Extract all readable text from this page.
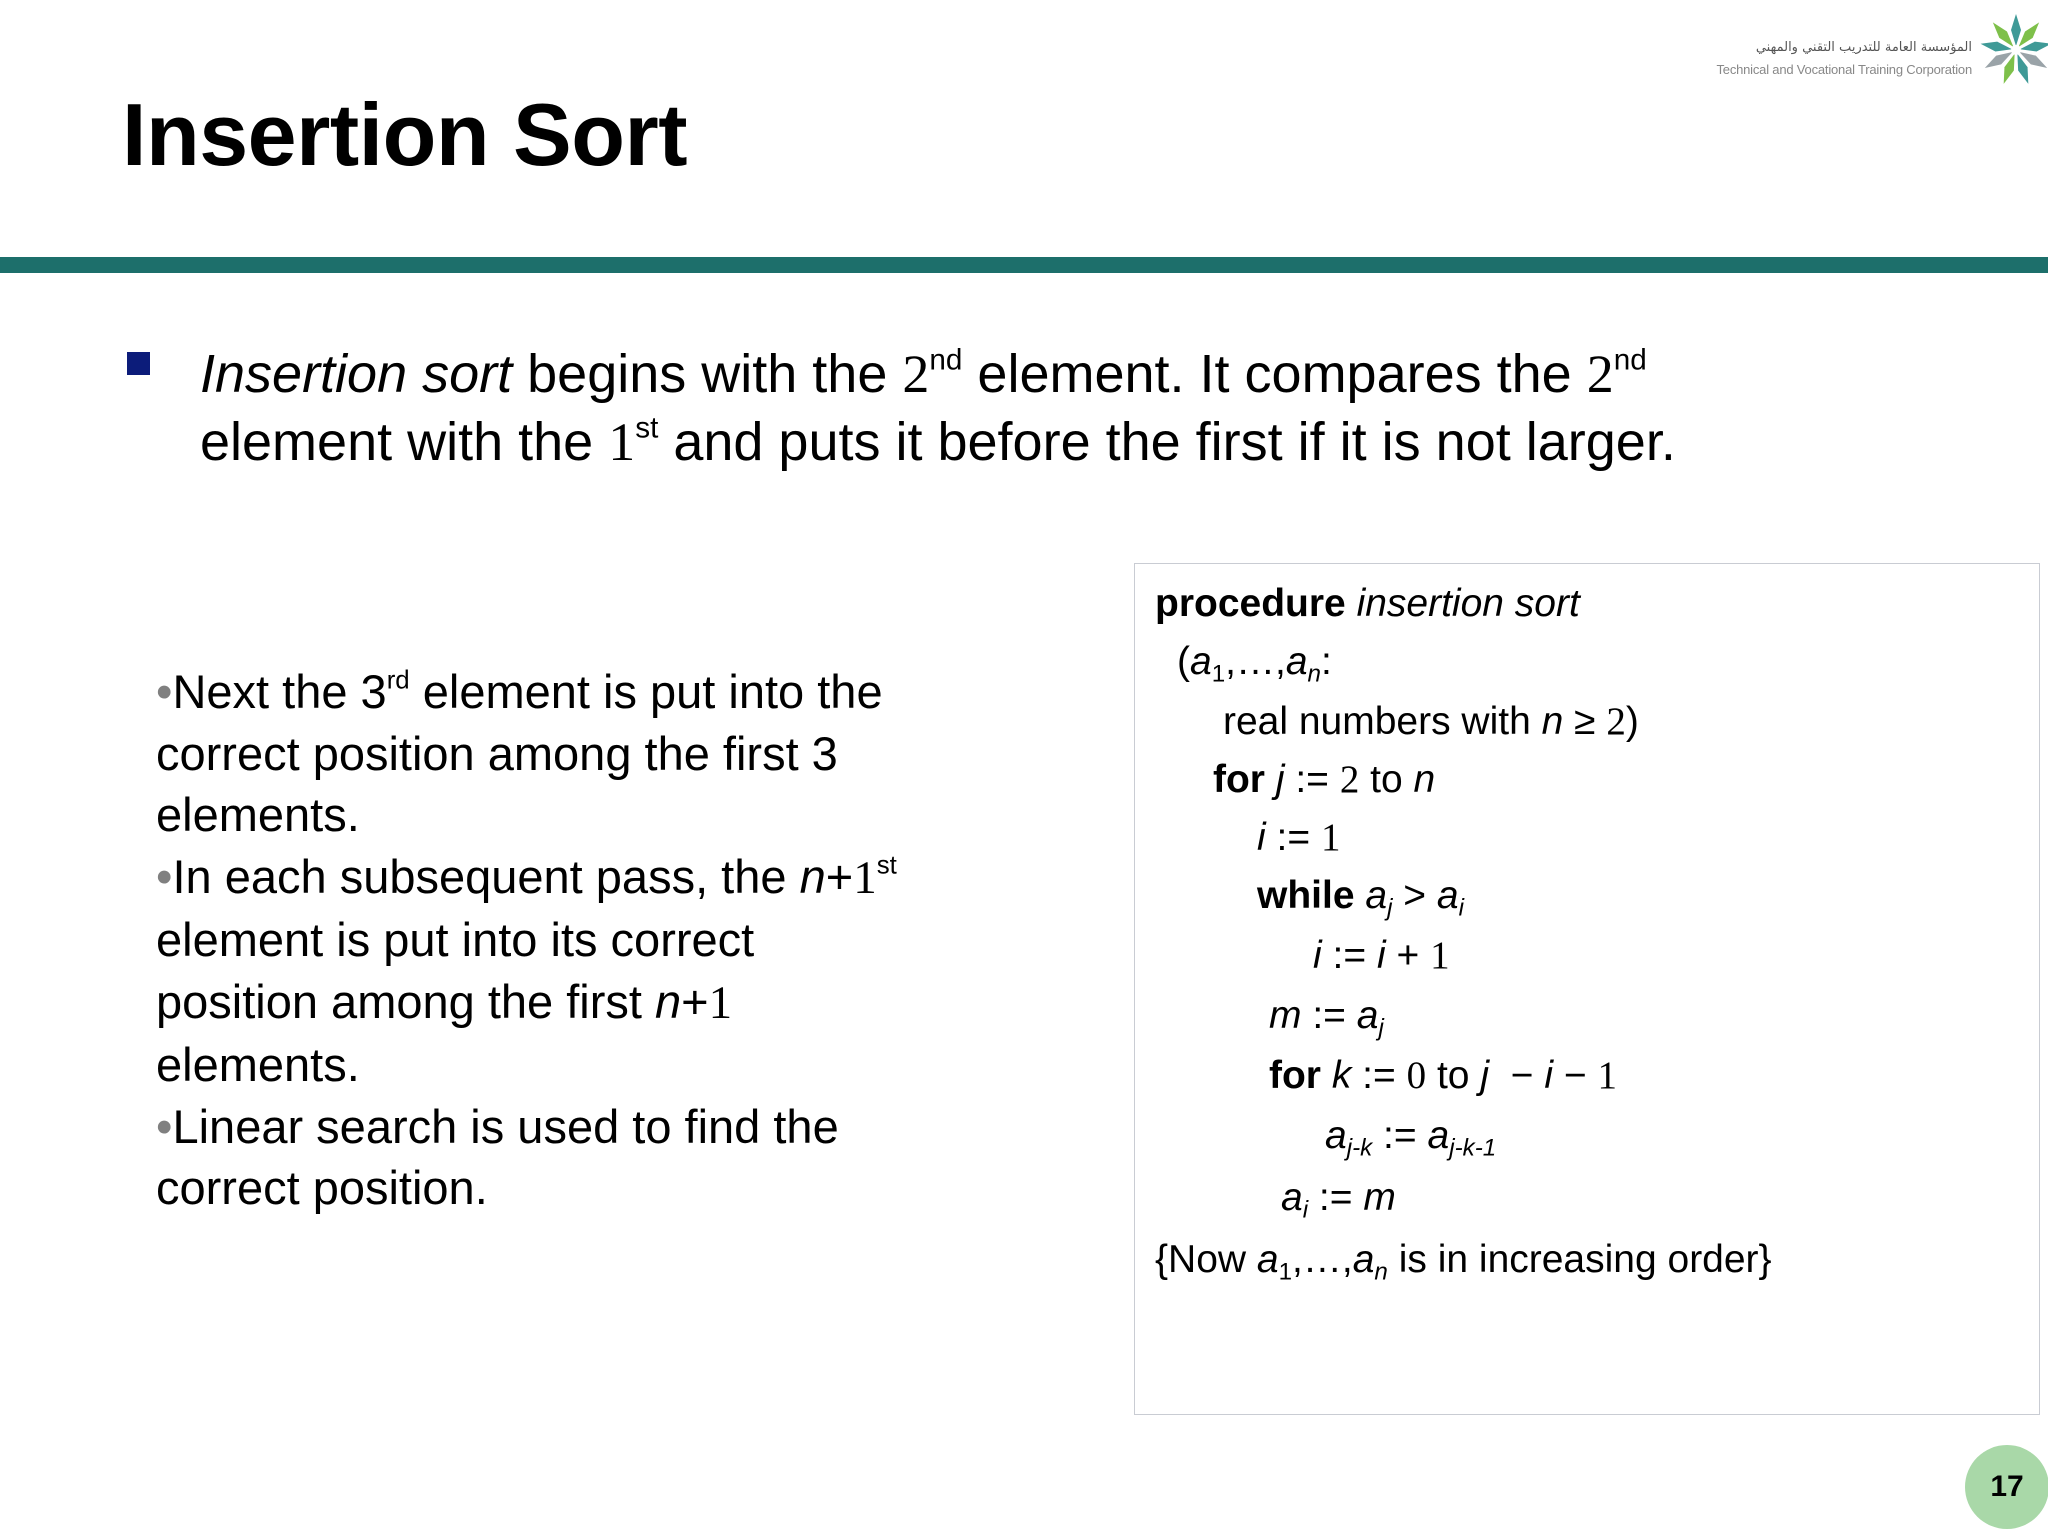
Insertion Sort
المؤسسة العامة للتدريب التقني والمهني
Technical and Vocational Training Corporation

Insertion sort begins with the 2nd element. It compares the 2nd element with the 1st and puts it before the first if it is not larger.

•Next the 3rd element is put into the correct position among the first 3 elements.

•In each subsequent pass, the n+1st element is put into its correct position among the first n+1 elements.

•Linear search is used to find the correct position.

procedure insertion sort
($a_1,\dots,a_n$:
real numbers with n ≥ 2)
for j := 2 to n
i := 1
while $a_j > a_i$
i := i + 1
m := $a_j$
for k := 0 to j  − i − 1
$a_{j-k}$ := $a_{j-k-1}$
$a_i$ := m
{Now $a_1,\dots,a_n$ is in increasing order}
17
